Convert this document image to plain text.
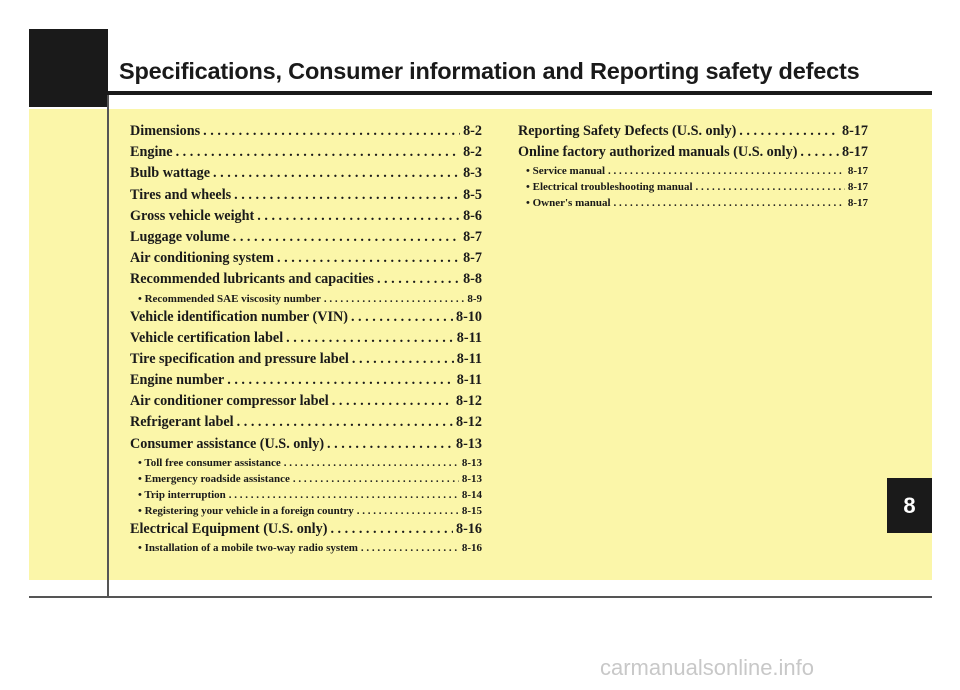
Specifications, Consumer information and Reporting safety defects
Dimensions . . .	8-2
Engine . . .	8-2
Bulb wattage . . .	8-3
Tires and wheels . . .	8-5
Gross vehicle weight . . .	8-6
Luggage volume . . .	8-7
Air conditioning system . . .	8-7
Recommended lubricants and capacities . . .	8-8
• Recommended SAE viscosity number . . .	8-9
Vehicle identification number (VIN) . . .	8-10
Vehicle certification label . . .	8-11
Tire specification and pressure label . . .	8-11
Engine number . . .	8-11
Air conditioner compressor label . . .	8-12
Refrigerant label . . .	8-12
Consumer assistance (U.S. only) . . .	8-13
• Toll free consumer assistance . . .	8-13
• Emergency roadside assistance . . .	8-13
• Trip interruption . . .	8-14
• Registering your vehicle in a foreign country . . .	8-15
Electrical Equipment (U.S. only) . . .	8-16
• Installation of a mobile two-way radio system . . .	8-16
Reporting Safety Defects (U.S. only) . . .	8-17
Online factory authorized manuals (U.S. only) . . .	8-17
• Service manual . . .	8-17
• Electrical troubleshooting manual . . .	8-17
• Owner's manual . . .	8-17
8
carmanualsonline.info
